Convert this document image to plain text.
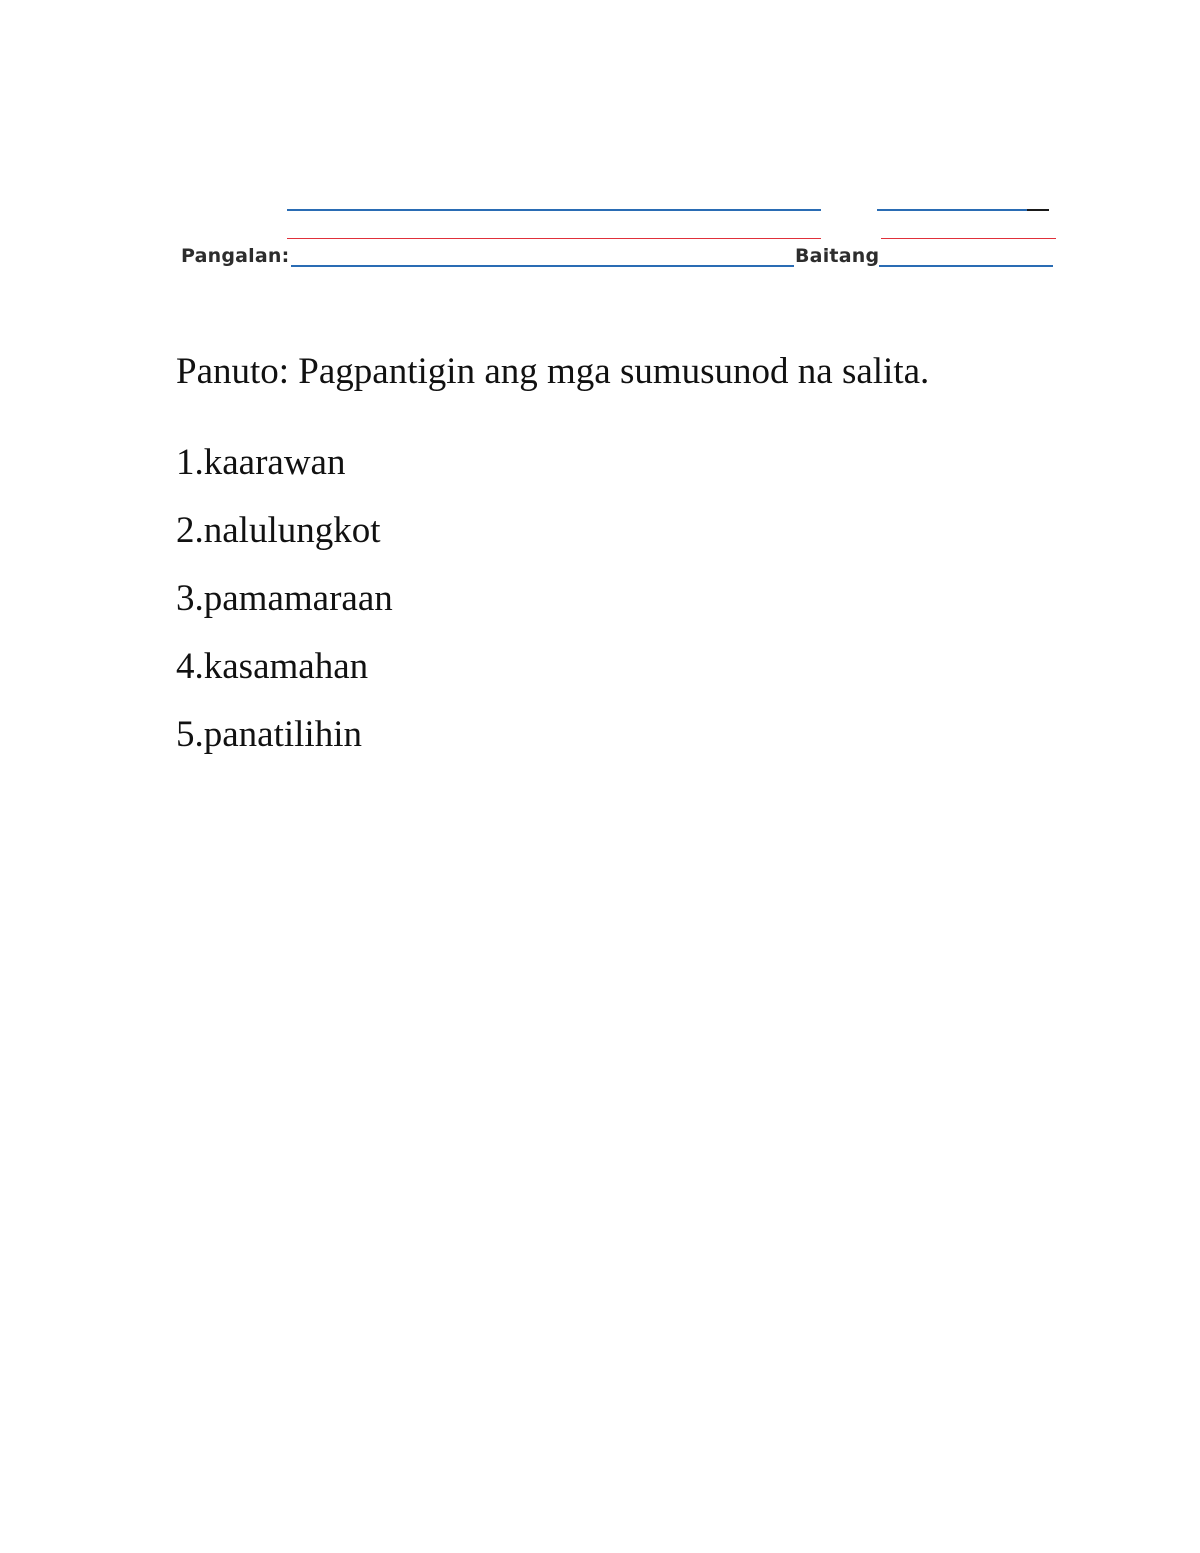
Pangalan:	Baitang
Panuto: Pagpantigin ang mga sumusunod na salita.
1.kaarawan
2.nalulungkot
3.pamamaraan
4.kasamahan
5.panatilihin
